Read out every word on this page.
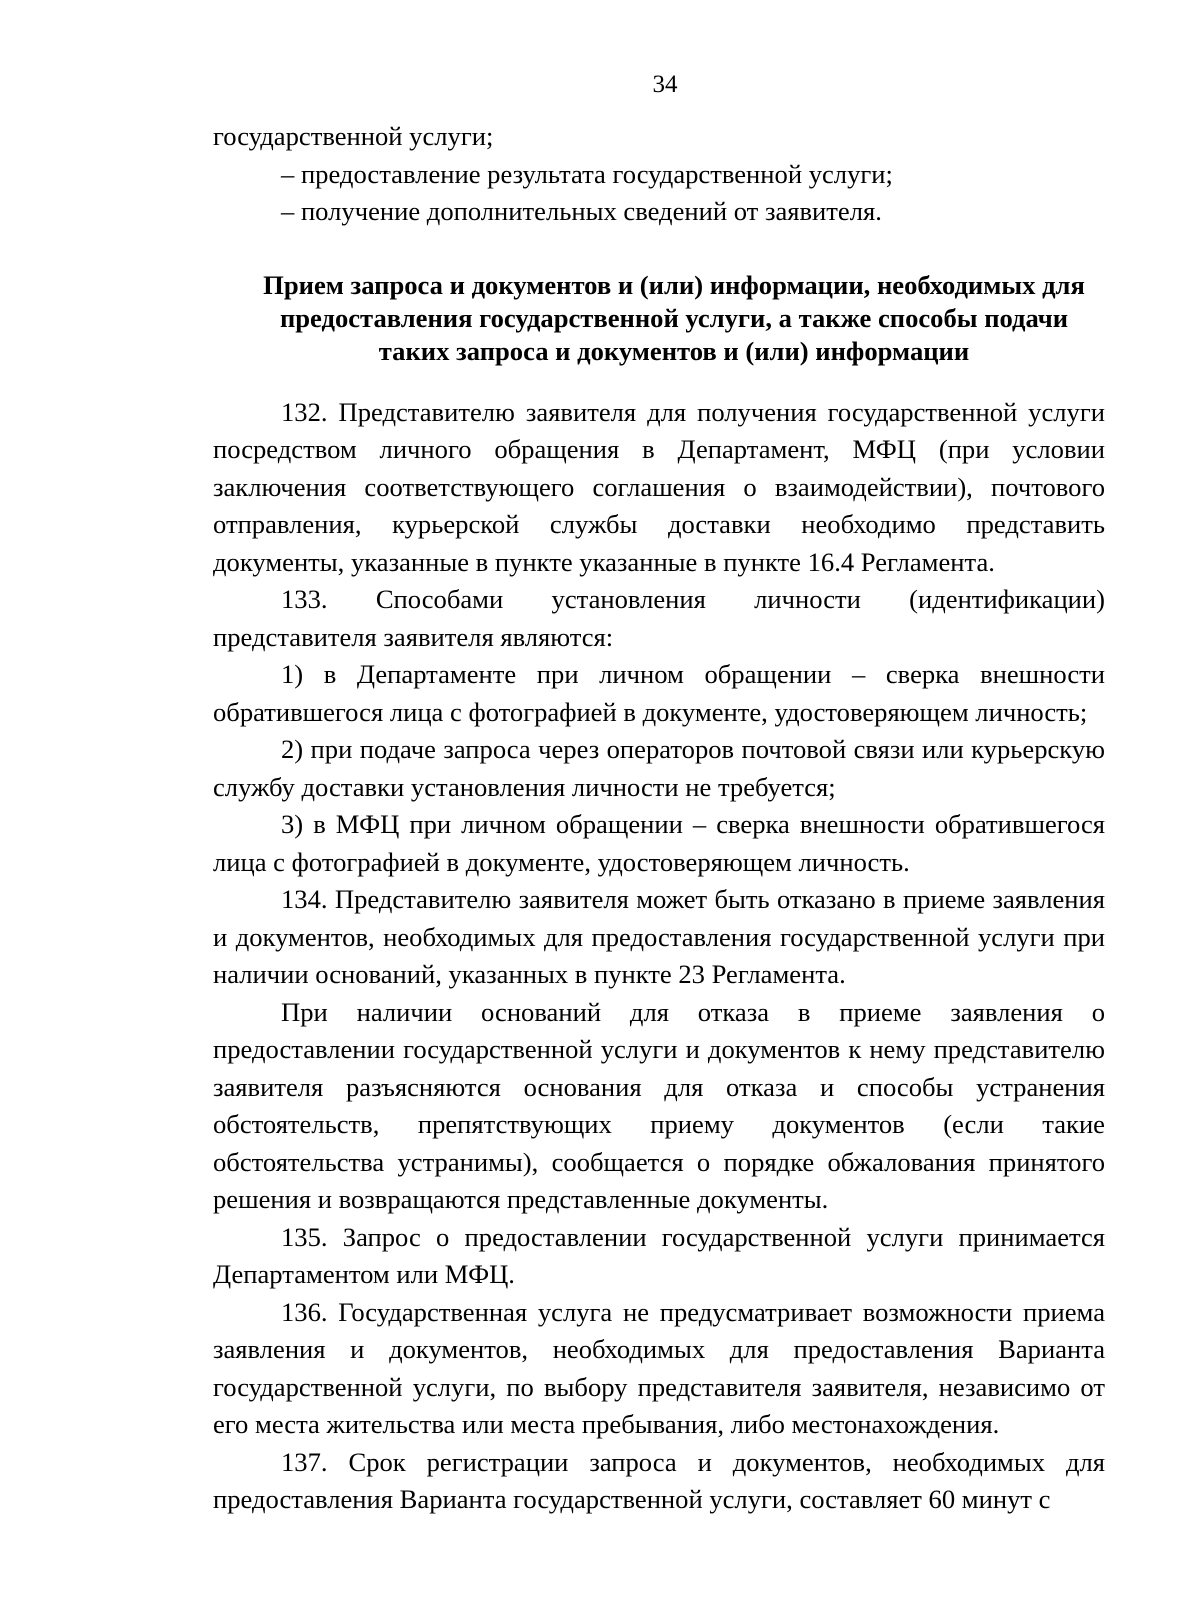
34

государственной услуги;

– предоставление результата государственной услуги;

– получение дополнительных сведений от заявителя.

Прием запроса и документов и (или) информации, необходимых для предоставления государственной услуги, а также способы подачи таких запроса и документов и (или) информации

132. Представителю заявителя для получения государственной услуги посредством личного обращения в Департамент, МФЦ (при условии заключения соответствующего соглашения о взаимодействии), почтового отправления, курьерской службы доставки необходимо представить документы, указанные в пункте указанные в пункте 16.4 Регламента.

133. Способами установления личности (идентификации) представителя заявителя являются:

1) в Департаменте при личном обращении – сверка внешности обратившегося лица с фотографией в документе, удостоверяющем личность;

2) при подаче запроса через операторов почтовой связи или курьерскую службу доставки установления личности не требуется;

3) в МФЦ при личном обращении – сверка внешности обратившегося лица с фотографией в документе, удостоверяющем личность.

134. Представителю заявителя может быть отказано в приеме заявления и документов, необходимых для предоставления государственной услуги при наличии оснований, указанных в пункте 23 Регламента.

При наличии оснований для отказа в приеме заявления о предоставлении государственной услуги и документов к нему представителю заявителя разъясняются основания для отказа и способы устранения обстоятельств, препятствующих приему документов (если такие обстоятельства устранимы), сообщается о порядке обжалования принятого решения и возвращаются представленные документы.

135. Запрос о предоставлении государственной услуги принимается Департаментом или МФЦ.

136. Государственная услуга не предусматривает возможности приема заявления и документов, необходимых для предоставления Варианта государственной услуги, по выбору представителя заявителя, независимо от его места жительства или места пребывания, либо местонахождения.

137. Срок регистрации запроса и документов, необходимых для предоставления Варианта государственной услуги, составляет 60 минут с
